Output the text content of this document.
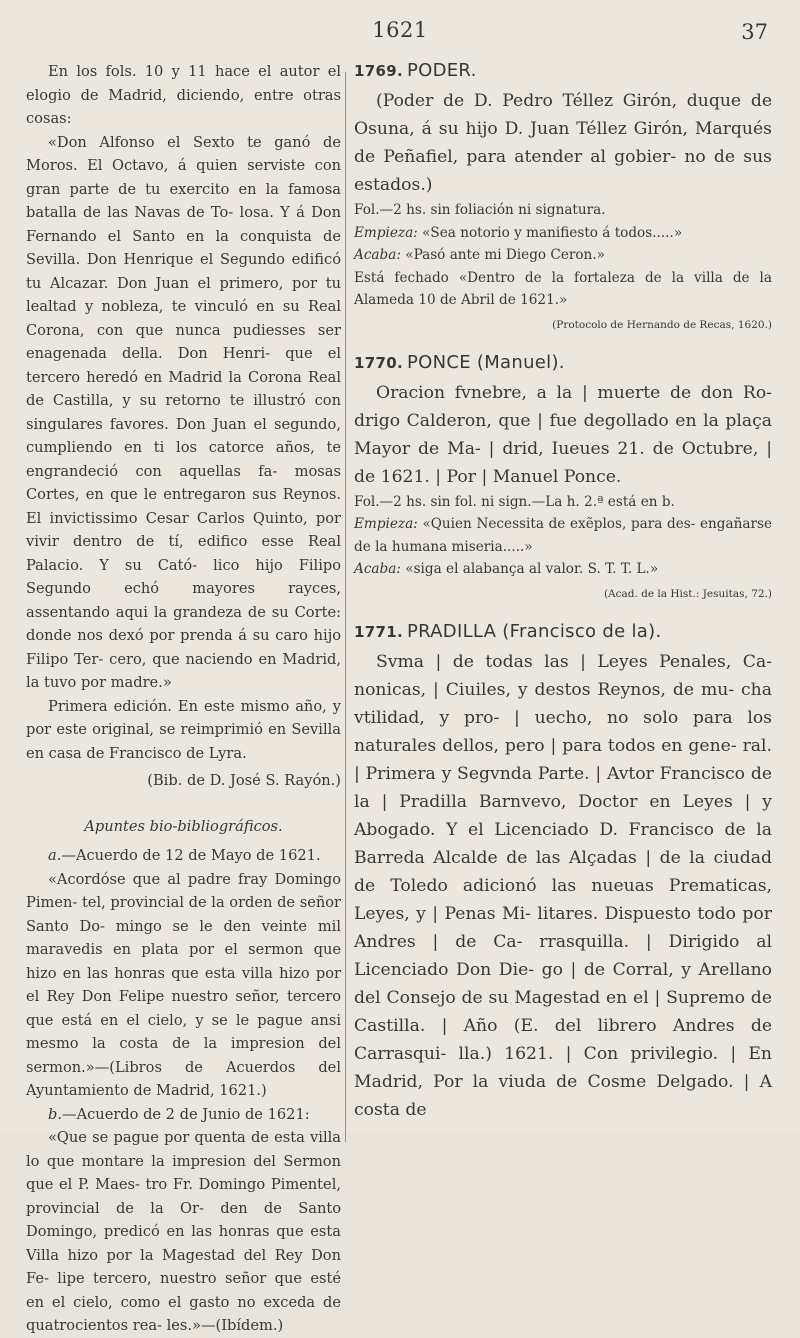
1621	37

En los fols. 10 y 11 hace el autor el elogio de Madrid, diciendo, entre otras cosas:

«Don Alfonso el Sexto te ganó de Moros. El Octavo, á quien serviste con gran parte de tu exercito en la famosa batalla de las Navas de To- losa. Y á Don Fernando el Santo en la conquista de Sevilla. Don Henrique el Segundo edificó tu Alcazar. Don Juan el primero, por tu lealtad y nobleza, te vinculó en su Real Corona, con que nunca pudiesses ser enagenada della. Don Henri- que el tercero heredó en Madrid la Corona Real de Castilla, y su retorno te illustró con singulares favores. Don Juan el segundo, cumpliendo en ti los catorce años, te engrandeció con aquellas fa- mosas Cortes, en que le entregaron sus Reynos. El invictissimo Cesar Carlos Quinto, por vivir dentro de tí, edifico esse Real Palacio. Y su Cató- lico hijo Filipo Segundo echó mayores rayces, assentando aqui la grandeza de su Corte: donde nos dexó por prenda á su caro hijo Filipo Ter- cero, que naciendo en Madrid, la tuvo por madre.»

Primera edición. En este mismo año, y por este original, se reimprimió en Sevilla en casa de Francisco de Lyra.

(Bib. de D. José S. Rayón.)

Apuntes bio-bibliográficos.

a.—Acuerdo de 12 de Mayo de 1621.

«Acordóse que al padre fray Domingo Pimen- tel, provincial de la orden de señor Santo Do- mingo se le den veinte mil maravedis en plata por el sermon que hizo en las honras que esta villa hizo por el Rey Don Felipe nuestro señor, tercero que está en el cielo, y se le pague ansi mesmo la costa de la impresion del sermon.»—(Libros de Acuerdos del Ayuntamiento de Madrid, 1621.)

b.—Acuerdo de 2 de Junio de 1621:

«Que se pague por quenta de esta villa lo que montare la impresion del Sermon que el P. Maes- tro Fr. Domingo Pimentel, provincial de la Or- den de Santo Domingo, predicó en las honras que esta Villa hizo por la Magestad del Rey Don Fe- lipe tercero, nuestro señor que esté en el cielo, como el gasto no exceda de quatrocientos rea- les.»—(Ibídem.)

1769. PODER.

(Poder de D. Pedro Téllez Girón, duque de Osuna, á su hijo D. Juan Téllez Girón, Marqués de Peñafiel, para atender al gobier- no de sus estados.)

Fol.—2 hs. sin foliación ni signatura.

Empieza: «Sea notorio y manifiesto á todos.....»

Acaba: «Pasó ante mi Diego Ceron.»

Está fechado «Dentro de la fortaleza de la villa de la Alameda 10 de Abril de 1621.»

(Protocolo de Hernando de Recas, 1620.)

1770. PONCE (Manuel).

Oracion fvnebre, a la | muerte de don Ro- drigo Calderon, que | fue degollado en la plaça Mayor de Ma- | drid, Iueues 21. de Octubre, | de 1621. | Por | Manuel Ponce.

Fol.—2 hs. sin fol. ni sign.—La h. 2.ª está en b.

Empieza: «Quien Necessita de exẽplos, para des- engañarse de la humana miseria.....»

Acaba: «siga el alabança al valor. S. T. T. L.»

(Acad. de la Hist.: Jesuitas, 72.)

1771. PRADILLA (Francisco de la).

Svma | de todas las | Leyes Penales, Ca- nonicas, | Ciuiles, y destos Reynos, de mu- cha vtilidad, y pro- | uecho, no solo para los naturales dellos, pero | para todos en gene- ral. | Primera y Segvnda Parte. | Avtor Francisco de la | Pradilla Barnvevo, Doctor en Leyes | y Abogado. Y el Licenciado D. Francisco de la Barreda Alcalde de las Alçadas | de la ciudad de Toledo adicionó las nueuas Prematicas, Leyes, y | Penas Mi- litares. Dispuesto todo por Andres | de Ca- rrasquilla. | Dirigido al Licenciado Don Die- go | de Corral, y Arellano del Consejo de su Magestad en el | Supremo de Castilla. | Año (E. del librero Andres de Carrasqui- lla.) 1621. | Con privilegio. | En Madrid, Por la viuda de Cosme Delgado. | A costa de
